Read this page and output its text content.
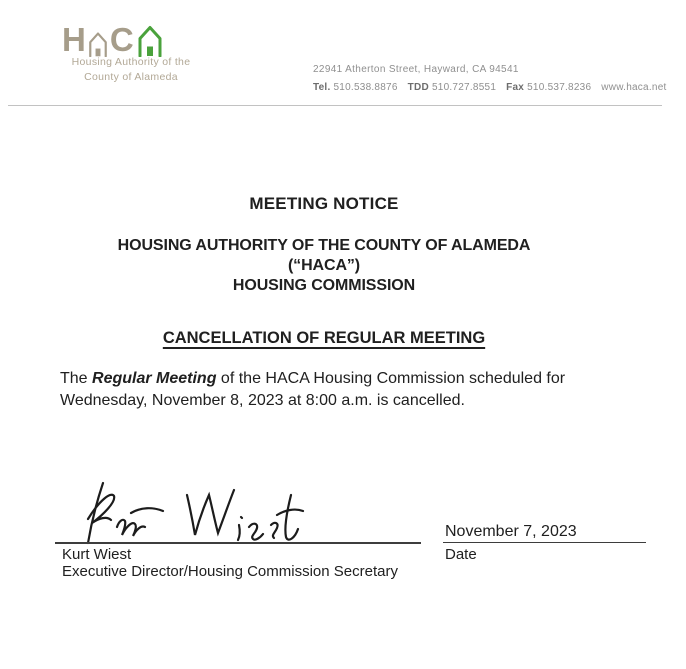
H C
Housing Authority of the
County of Alameda
22941 Atherton Street, Hayward, CA 94541
Tel. 510.538.8876 TDD 510.727.8551 Fax 510.537.8236 www.haca.net
MEETING NOTICE
HOUSING AUTHORITY OF THE COUNTY OF ALAMEDA
(“HACA”)
HOUSING COMMISSION
CANCELLATION OF REGULAR MEETING
The Regular Meeting of the HACA Housing Commission scheduled for
Wednesday, November 8, 2023 at 8:00 a.m. is cancelled.
Kurt Wiest
Executive Director/Housing Commission Secretary
November 7, 2023
Date
